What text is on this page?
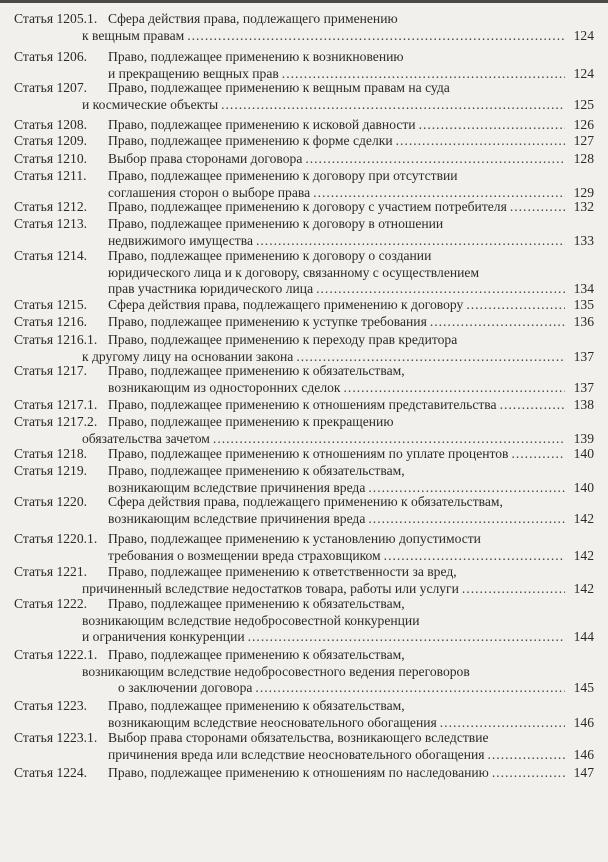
Статья 1205.1. Сфера действия права, подлежащего применению
к вещным правам .....	124
Статья 1206. Право, подлежащее применению к возникновению
и прекращению вещных прав .....	124
Статья 1207. Право, подлежащее применению к вещным правам на суда
и космические объекты .....	125
Статья 1208. Право, подлежащее применению к исковой давности .....	126
Статья 1209. Право, подлежащее применению к форме сделки .....	127
Статья 1210. Выбор права сторонами договора .....	128
Статья 1211. Право, подлежащее применению к договору при отсутствии
соглашения сторон о выборе права .....	129
Статья 1212. Право, подлежащее применению к договору с участием потребителя .....	132
Статья 1213. Право, подлежащее применению к договору в отношении
недвижимого имущества .....	133
Статья 1214. Право, подлежащее применению к договору о создании
юридического лица и к договору, связанному с осуществлением
прав участника юридического лица .....	134
Статья 1215. Сфера действия права, подлежащего применению к договору .....	135
Статья 1216. Право, подлежащее применению к уступке требования .....	136
Статья 1216.1. Право, подлежащее применению к переходу прав кредитора
к другому лицу на основании закона .....	137
Статья 1217. Право, подлежащее применению к обязательствам,
возникающим из односторонних сделок .....	137
Статья 1217.1. Право, подлежащее применению к отношениям представительства .....	138
Статья 1217.2. Право, подлежащее применению к прекращению
обязательства зачетом .....	139
Статья 1218. Право, подлежащее применению к отношениям по уплате процентов .....	140
Статья 1219. Право, подлежащее применению к обязательствам,
возникающим вследствие причинения вреда .....	140
Статья 1220. Сфера действия права, подлежащего применению к обязательствам,
возникающим вследствие причинения вреда .....	142
Статья 1220.1. Право, подлежащее применению к установлению допустимости
требования о возмещении вреда страховщиком .....	142
Статья 1221. Право, подлежащее применению к ответственности за вред,
причиненный вследствие недостатков товара, работы или услуги .....	142
Статья 1222. Право, подлежащее применению к обязательствам,
возникающим вследствие недобросовестной конкуренции
и ограничения конкуренции .....	144
Статья 1222.1. Право, подлежащее применению к обязательствам,
возникающим вследствие недобросовестного ведения переговоров
о заключении договора .....	145
Статья 1223. Право, подлежащее применению к обязательствам,
возникающим вследствие неосновательного обогащения .....	146
Статья 1223.1. Выбор права сторонами обязательства, возникающего вследствие
причинения вреда или вследствие неосновательного обогащения .....	146
Статья 1224. Право, подлежащее применению к отношениям по наследованию .....	147
